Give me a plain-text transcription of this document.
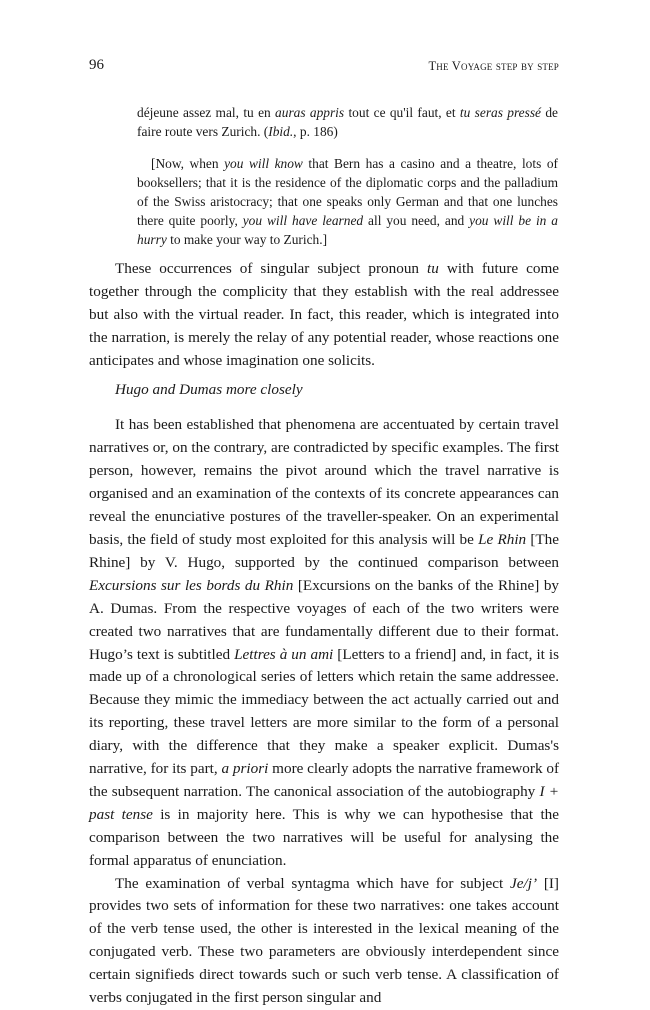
96	The Voyage step by step

déjeune assez mal, tu en auras appris tout ce qu'il faut, et tu seras pressé de faire route vers Zurich. (Ibid., p. 186)

[Now, when you will know that Bern has a casino and a theatre, lots of booksellers; that it is the residence of the diplomatic corps and the palladium of the Swiss aristocracy; that one speaks only German and that one lunches there quite poorly, you will have learned all you need, and you will be in a hurry to make your way to Zurich.]

These occurrences of singular subject pronoun tu with future come together through the complicity that they establish with the real addressee but also with the virtual reader. In fact, this reader, which is integrated into the narration, is merely the relay of any potential reader, whose reactions one anticipates and whose imagination one solicits.

Hugo and Dumas more closely

It has been established that phenomena are accentuated by certain travel narratives or, on the contrary, are contradicted by specific examples. The first person, however, remains the pivot around which the travel narrative is organised and an examination of the contexts of its concrete appearances can reveal the enunciative postures of the traveller-speaker. On an experimental basis, the field of study most exploited for this analysis will be Le Rhin [The Rhine] by V. Hugo, supported by the continued comparison between Excursions sur les bords du Rhin [Excursions on the banks of the Rhine] by A. Dumas. From the respective voyages of each of the two writers were created two narratives that are fundamentally different due to their format. Hugo’s text is subtitled Lettres à un ami [Letters to a friend] and, in fact, it is made up of a chronological series of letters which retain the same addressee. Because they mimic the immediacy between the act actually carried out and its reporting, these travel letters are more similar to the form of a personal diary, with the difference that they make a speaker explicit. Dumas's narrative, for its part, a priori more clearly adopts the narrative framework of the subsequent narration. The canonical association of the autobiography I + past tense is in majority here. This is why we can hypothesise that the comparison between the two narratives will be useful for analysing the formal apparatus of enunciation.

The examination of verbal syntagma which have for subject Je/j’ [I] provides two sets of information for these two narratives: one takes account of the verb tense used, the other is interested in the lexical meaning of the conjugated verb. These two parameters are obviously interdependent since certain signifieds direct towards such or such verb tense. A classification of verbs conjugated in the first person singular and
